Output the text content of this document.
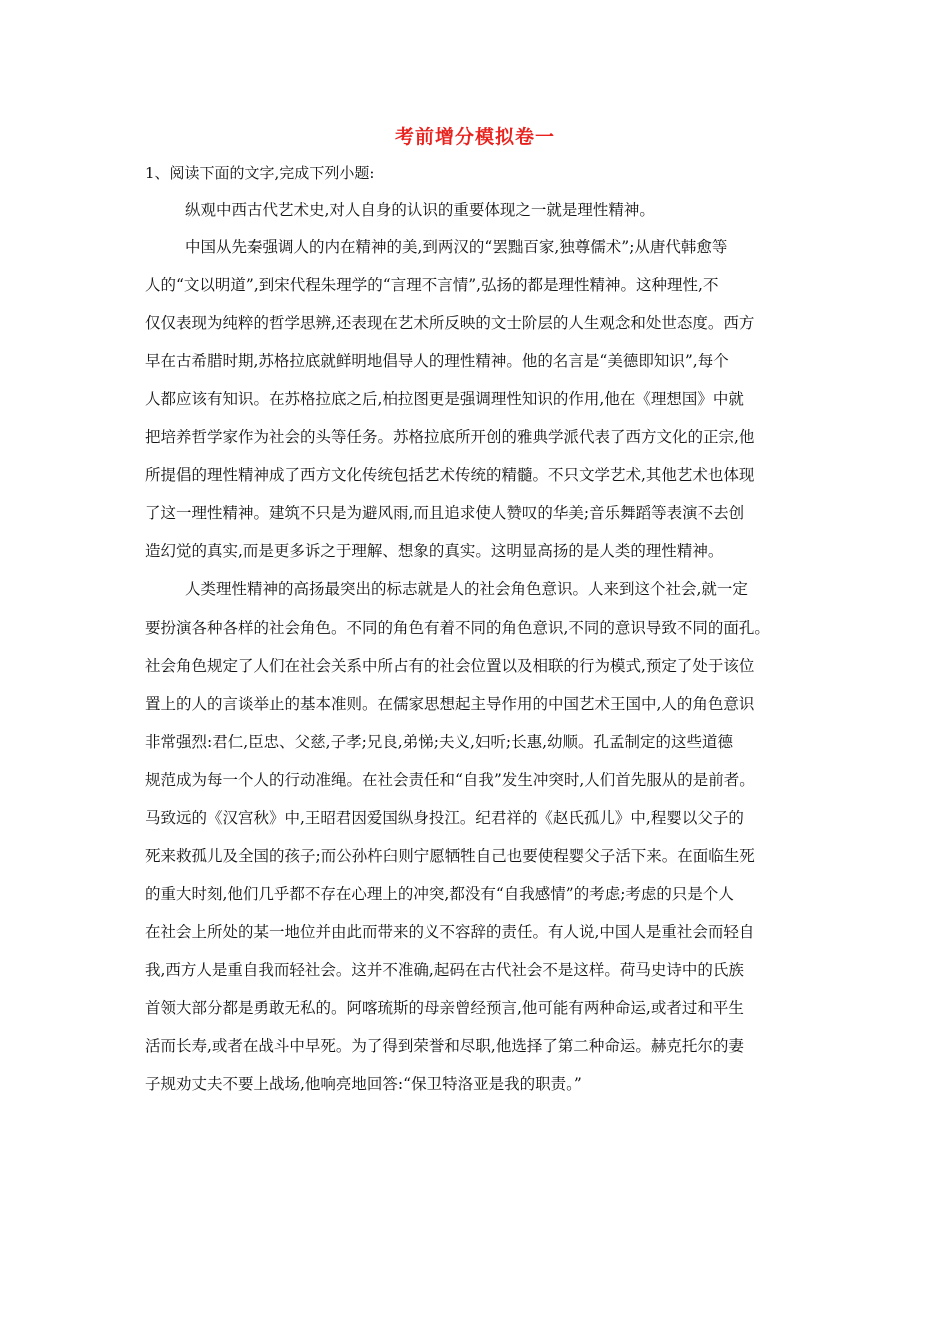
考前增分模拟卷一
1、阅读下面的文字,完成下列小题:
纵观中西古代艺术史,对人自身的认识的重要体现之一就是理性精神。
中国从先秦强调人的内在精神的美,到两汉的“罢黜百家,独尊儒术”;从唐代韩愈等
人的“文以明道”,到宋代程朱理学的“言理不言情”,弘扬的都是理性精神。这种理性,不
仅仅表现为纯粹的哲学思辨,还表现在艺术所反映的文士阶层的人生观念和处世态度。西方
早在古希腊时期,苏格拉底就鲜明地倡导人的理性精神。他的名言是“美德即知识”,每个
人都应该有知识。在苏格拉底之后,柏拉图更是强调理性知识的作用,他在《理想国》中就
把培养哲学家作为社会的头等任务。苏格拉底所开创的雅典学派代表了西方文化的正宗,他
所提倡的理性精神成了西方文化传统包括艺术传统的精髓。不只文学艺术,其他艺术也体现
了这一理性精神。建筑不只是为避风雨,而且追求使人赞叹的华美;音乐舞蹈等表演不去创
造幻觉的真实,而是更多诉之于理解、想象的真实。这明显高扬的是人类的理性精神。
人类理性精神的高扬最突出的标志就是人的社会角色意识。人来到这个社会,就一定
要扮演各种各样的社会角色。不同的角色有着不同的角色意识,不同的意识导致不同的面孔。
社会角色规定了人们在社会关系中所占有的社会位置以及相联的行为模式,预定了处于该位
置上的人的言谈举止的基本准则。在儒家思想起主导作用的中国艺术王国中,人的角色意识
非常强烈:君仁,臣忠、父慈,子孝;兄良,弟悌;夫义,妇听;长惠,幼顺。孔孟制定的这些道德
规范成为每一个人的行动准绳。在社会责任和“自我”发生冲突时,人们首先服从的是前者。
马致远的《汉宫秋》中,王昭君因爱国纵身投江。纪君祥的《赵氏孤儿》中,程婴以父子的
死来救孤儿及全国的孩子;而公孙杵臼则宁愿牺牲自己也要使程婴父子活下来。在面临生死
的重大时刻,他们几乎都不存在心理上的冲突,都没有“自我感情”的考虑;考虑的只是个人
在社会上所处的某一地位并由此而带来的义不容辞的责任。有人说,中国人是重社会而轻自
我,西方人是重自我而轻社会。这并不准确,起码在古代社会不是这样。荷马史诗中的氏族
首领大部分都是勇敢无私的。阿喀琉斯的母亲曾经预言,他可能有两种命运,或者过和平生
活而长寿,或者在战斗中早死。为了得到荣誉和尽职,他选择了第二种命运。赫克托尔的妻
子规劝丈夫不要上战场,他响亮地回答:“保卫特洛亚是我的职责。”
